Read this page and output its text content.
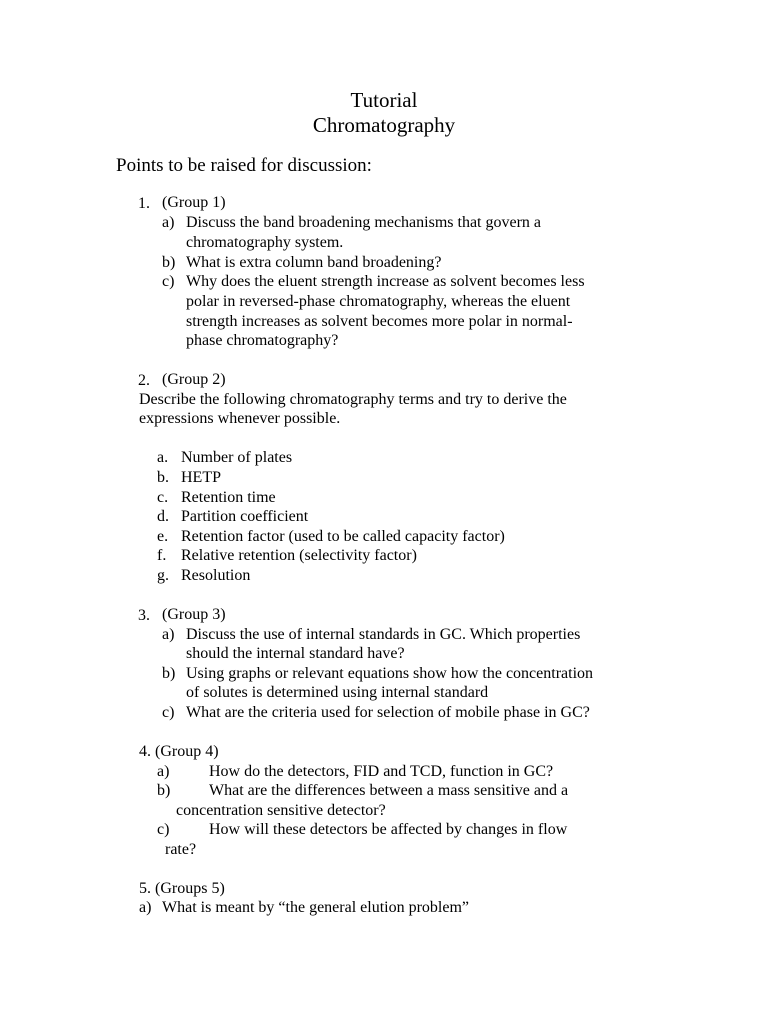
Tutorial
Chromatography
Points to be raised for discussion:
1. (Group 1)
a) Discuss the band broadening mechanisms that govern a
chromatography system.
b) What is extra column band broadening?
c) Why does the eluent strength increase as solvent becomes less
polar in reversed-phase chromatography, whereas the eluent
strength increases as solvent becomes more polar in normal-
phase chromatography?
2. (Group 2)
Describe the following chromatography terms and try to derive the
expressions whenever possible.
a. Number of plates
b. HETP
c. Retention time
d. Partition coefficient
e. Retention factor (used to be called capacity factor)
f. Relative retention (selectivity factor)
g. Resolution
3. (Group 3)
a) Discuss the use of internal standards in GC. Which properties
should the internal standard have?
b) Using graphs or relevant equations show how the concentration
of solutes is determined using internal standard
c) What are the criteria used for selection of mobile phase in GC?
4. (Group 4)
a) How do the detectors, FID and TCD, function in GC?
b) What are the differences between a mass sensitive and a
concentration sensitive detector?
c) How will these detectors be affected by changes in flow
rate?
5. (Groups 5)
a) What is meant by “the general elution problem”
